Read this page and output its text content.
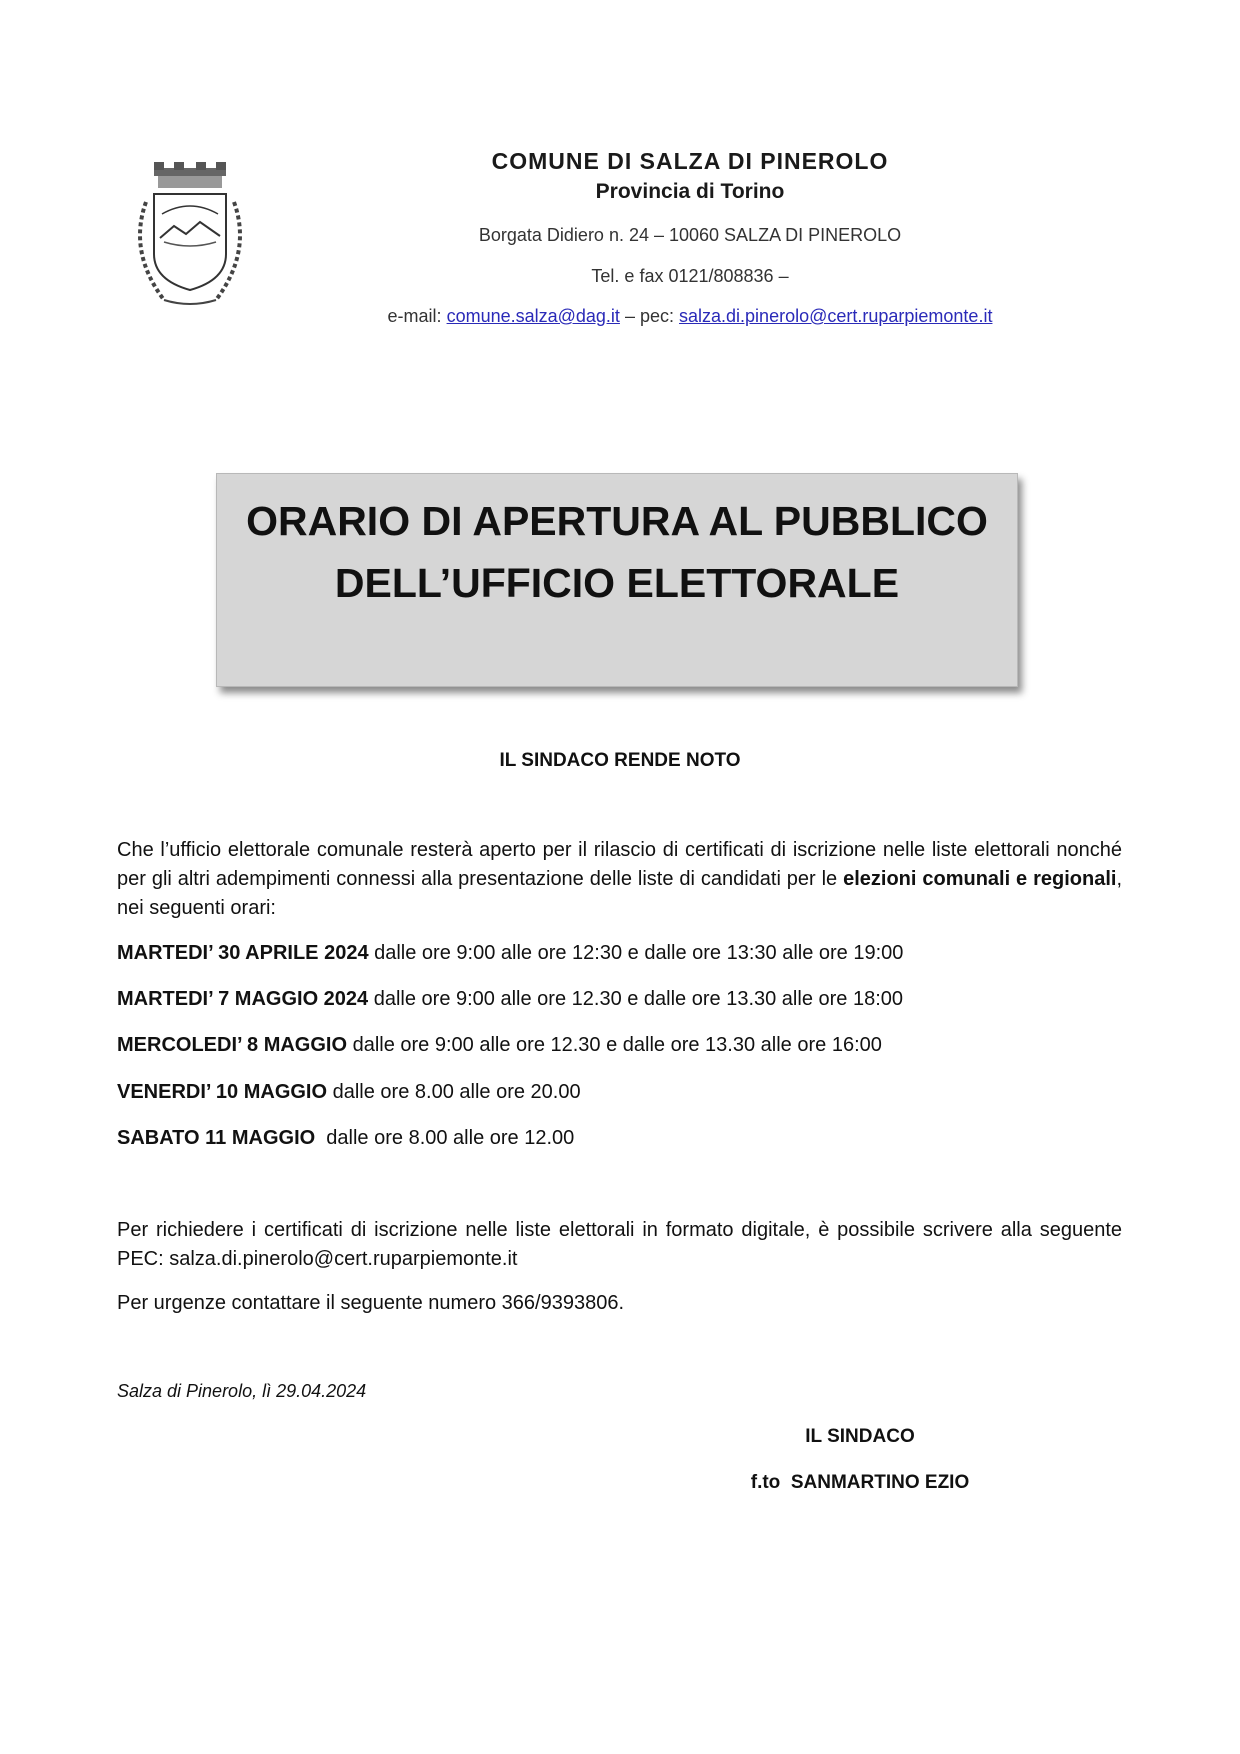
COMUNE DI SALZA DI PINEROLO
Provincia di Torino
Borgata Didiero n. 24 – 10060 SALZA DI PINEROLO
Tel. e fax 0121/808836 –
e-mail: comune.salza@dag.it – pec: salza.di.pinerolo@cert.ruparpiemonte.it
ORARIO DI APERTURA AL PUBBLICO
DELL’UFFICIO ELETTORALE
IL SINDACO RENDE NOTO
Che l’ufficio elettorale comunale resterà aperto per il rilascio di certificati di iscrizione nelle liste elettorali nonché per gli altri adempimenti connessi alla presentazione delle liste di candidati per le elezioni comunali e regionali, nei seguenti orari:
MARTEDI’ 30 APRILE 2024 dalle ore 9:00 alle ore 12:30 e dalle ore 13:30 alle ore 19:00
MARTEDI’ 7 MAGGIO 2024 dalle ore 9:00 alle ore 12.30 e dalle ore 13.30 alle ore 18:00
MERCOLEDI’ 8 MAGGIO dalle ore 9:00 alle ore 12.30 e dalle ore 13.30 alle ore 16:00
VENERDI’ 10 MAGGIO dalle ore 8.00 alle ore 20.00
SABATO 11 MAGGIO  dalle ore 8.00 alle ore 12.00
Per richiedere i certificati di iscrizione nelle liste elettorali in formato digitale, è possibile scrivere alla seguente PEC: salza.di.pinerolo@cert.ruparpiemonte.it
Per urgenze contattare il seguente numero 366/9393806.
Salza di Pinerolo, lì 29.04.2024
IL SINDACO
f.to  SANMARTINO EZIO
